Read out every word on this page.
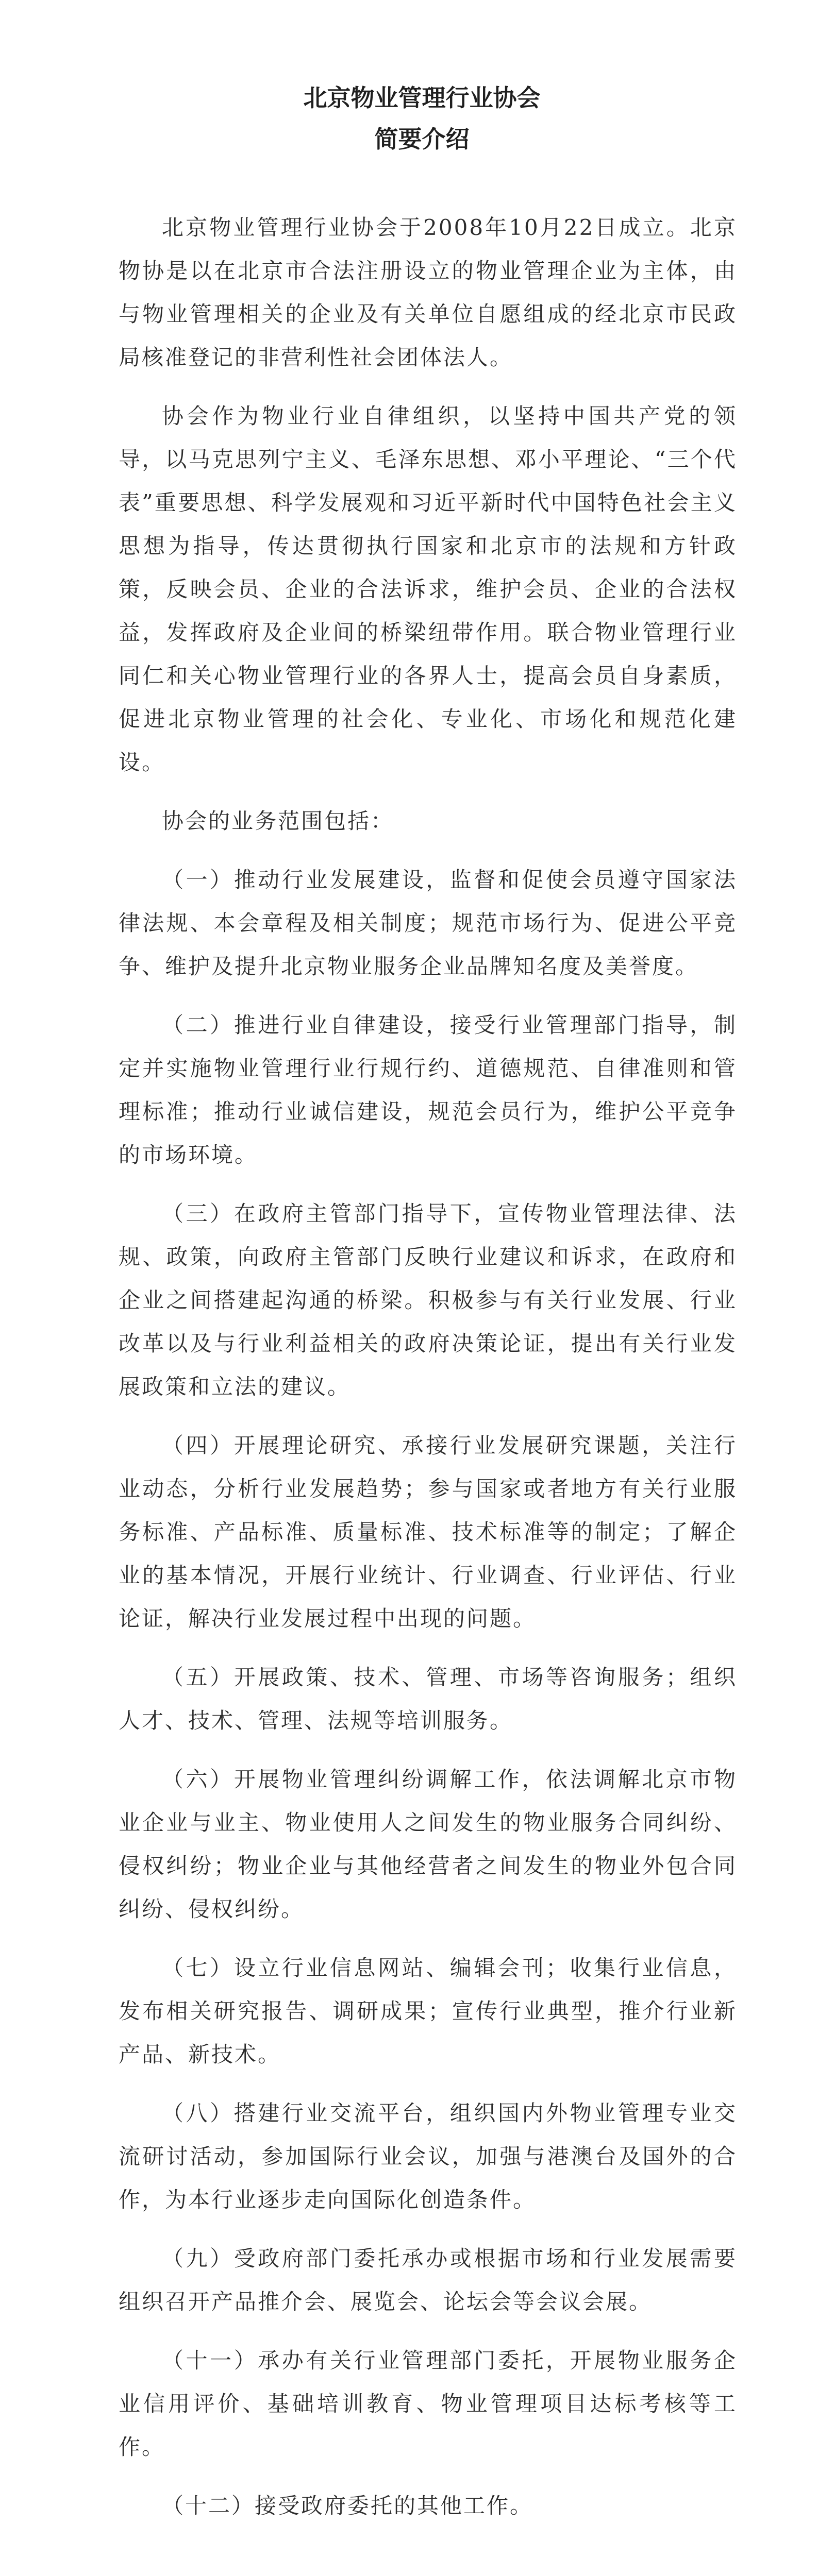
北京物业管理行业协会
简要介绍

北京物业管理行业协会于2008年10月22日成立。北京物协是以在北京市合法注册设立的物业管理企业为主体，由与物业管理相关的企业及有关单位自愿组成的经北京市民政局核准登记的非营利性社会团体法人。

协会作为物业行业自律组织，以坚持中国共产党的领导，以马克思列宁主义、毛泽东思想、邓小平理论、“三个代表”重要思想、科学发展观和习近平新时代中国特色社会主义思想为指导，传达贯彻执行国家和北京市的法规和方针政策，反映会员、企业的合法诉求，维护会员、企业的合法权益，发挥政府及企业间的桥梁纽带作用。联合物业管理行业同仁和关心物业管理行业的各界人士，提高会员自身素质，促进北京物业管理的社会化、专业化、市场化和规范化建设。

协会的业务范围包括：

（一）推动行业发展建设，监督和促使会员遵守国家法律法规、本会章程及相关制度；规范市场行为、促进公平竞争、维护及提升北京物业服务企业品牌知名度及美誉度。

（二）推进行业自律建设，接受行业管理部门指导，制定并实施物业管理行业行规行约、道德规范、自律准则和管理标准；推动行业诚信建设，规范会员行为，维护公平竞争的市场环境。

（三）在政府主管部门指导下，宣传物业管理法律、法规、政策，向政府主管部门反映行业建议和诉求，在政府和企业之间搭建起沟通的桥梁。积极参与有关行业发展、行业改革以及与行业利益相关的政府决策论证，提出有关行业发展政策和立法的建议。

（四）开展理论研究、承接行业发展研究课题，关注行业动态，分析行业发展趋势；参与国家或者地方有关行业服务标准、产品标准、质量标准、技术标准等的制定；了解企业的基本情况，开展行业统计、行业调查、行业评估、行业论证，解决行业发展过程中出现的问题。

（五）开展政策、技术、管理、市场等咨询服务；组织人才、技术、管理、法规等培训服务。

（六）开展物业管理纠纷调解工作，依法调解北京市物业企业与业主、物业使用人之间发生的物业服务合同纠纷、侵权纠纷；物业企业与其他经营者之间发生的物业外包合同纠纷、侵权纠纷。

（七）设立行业信息网站、编辑会刊；收集行业信息，发布相关研究报告、调研成果；宣传行业典型，推介行业新产品、新技术。

（八）搭建行业交流平台，组织国内外物业管理专业交流研讨活动，参加国际行业会议，加强与港澳台及国外的合作，为本行业逐步走向国际化创造条件。

（九）受政府部门委托承办或根据市场和行业发展需要组织召开产品推介会、展览会、论坛会等会议会展。

（十一）承办有关行业管理部门委托，开展物业服务企业信用评价、基础培训教育、物业管理项目达标考核等工作。

（十二）接受政府委托的其他工作。
